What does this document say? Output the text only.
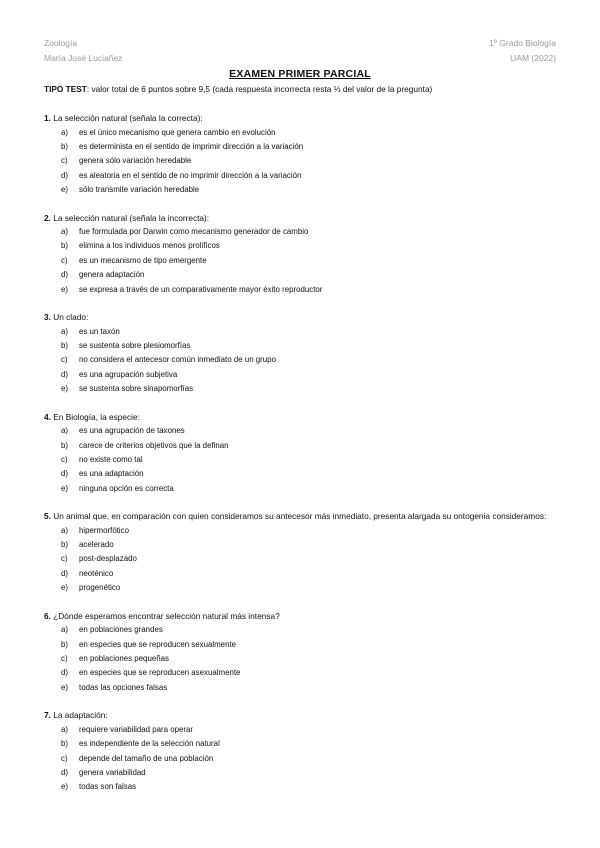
Zoología
María José Luciañez
1º Grado Biología
UAM (2022)
EXAMEN PRIMER PARCIAL
TIPO TEST: valor total de 6 puntos sobre 9,5 (cada respuesta incorrecta resta ⅓ del valor de la pregunta)
1. La selección natural (señala la correcta):
a) es el único mecanismo que genera cambio en evolución
b) es determinista en el sentido de imprimir dirección a la variación
c) genera sólo variación heredable
d) es aleatoria en el sentido de no imprimir dirección a la variación
e) sólo transmite variación heredable
2. La selección natural (señala la incorrecta):
a) fue formulada por Darwin como mecanismo generador de cambio
b) elimina a los individuos menos prolíficos
c) es un mecanismo de tipo emergente
d) genera adaptación
e) se expresa a través de un comparativamente mayor éxito reproductor
3. Un clado:
a) es un taxón
b) se sustenta sobre plesiomorfías
c) no considera el antecesor común inmediato de un grupo
d) es una agrupación subjetiva
e) se sustenta sobre sinapomorfías
4. En Biología, la especie:
a) es una agrupación de taxones
b) carece de criterios objetivos que la definan
c) no existe como tal
d) es una adaptación
e) ninguna opción es correcta
5. Un animal que, en comparación con quien consideramos su antecesor más inmediato, presenta alargada su ontogenia consideramos:
a) hipermorfótico
b) acelerado
c) post-desplazado
d) neoténico
e) progenético
6. ¿Dónde esperamos encontrar selección natural más intensa?
a) en poblaciones grandes
b) en especies que se reproducen sexualmente
c) en poblaciones pequeñas
d) en especies que se reproducen asexualmente
e) todas las opciones falsas
7. La adaptación:
a) requiere variabilidad para operar
b) es independiente de la selección natural
c) depende del tamaño de una población
d) genera variabilidad
e) todas son falsas
